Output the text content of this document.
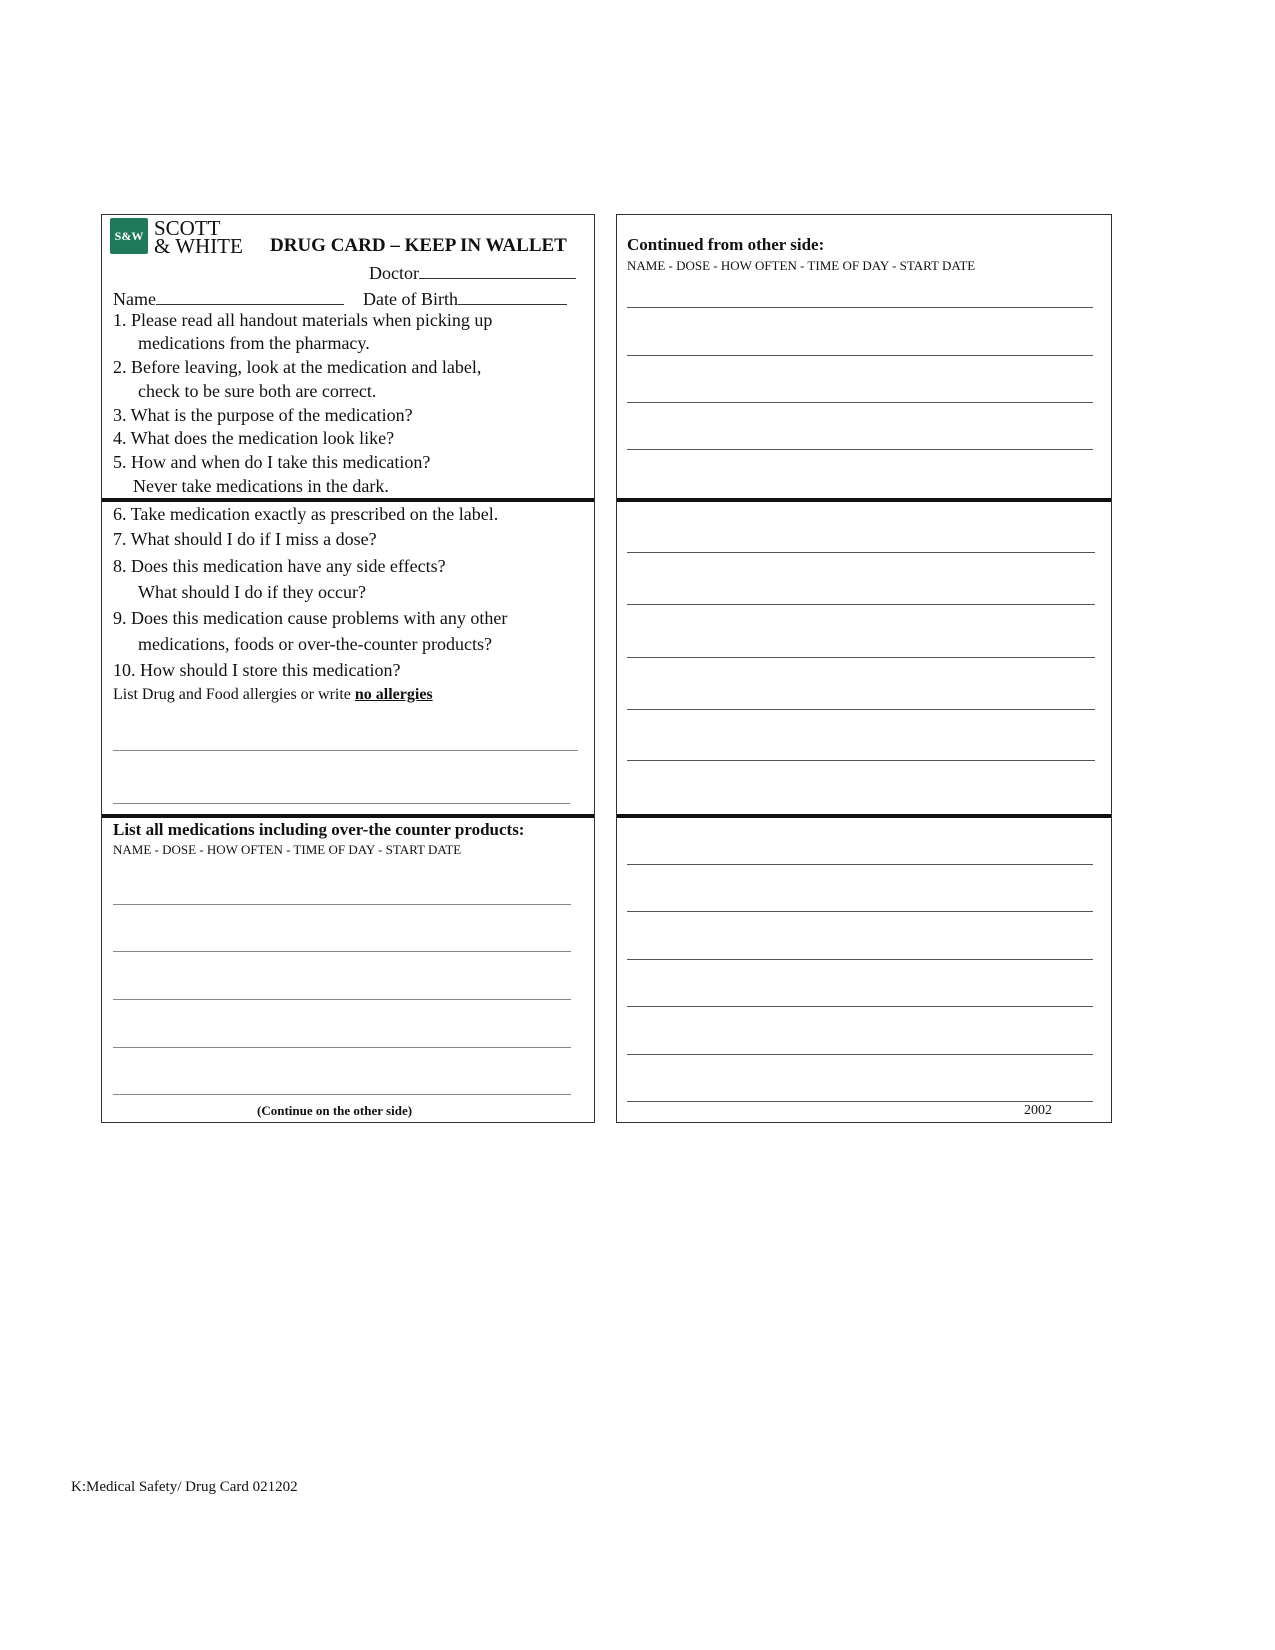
S&W SCOTT
& WHITE DRUG CARD – KEEP IN WALLET
Doctor
Name	Date of Birth
1. Please read all handout materials when picking up
medications from the pharmacy.
2. Before leaving, look at the medication and label,
check to be sure both are correct.
3. What is the purpose of the medication?
4. What does the medication look like?
5. How and when do I take this medication?
Never take medications in the dark.
6. Take medication exactly as prescribed on the label.
7. What should I do if I miss a dose?
8. Does this medication have any side effects?
What should I do if they occur?
9. Does this medication cause problems with any other
medications, foods or over-the-counter products?
10. How should I store this medication?
List Drug and Food allergies or write no allergies
List all medications including over-the counter products:
NAME - DOSE - HOW OFTEN - TIME OF DAY - START DATE
(Continue on the other side)
Continued from other side:
NAME - DOSE - HOW OFTEN - TIME OF DAY - START DATE
2002
K:Medical Safety/ Drug Card 021202
